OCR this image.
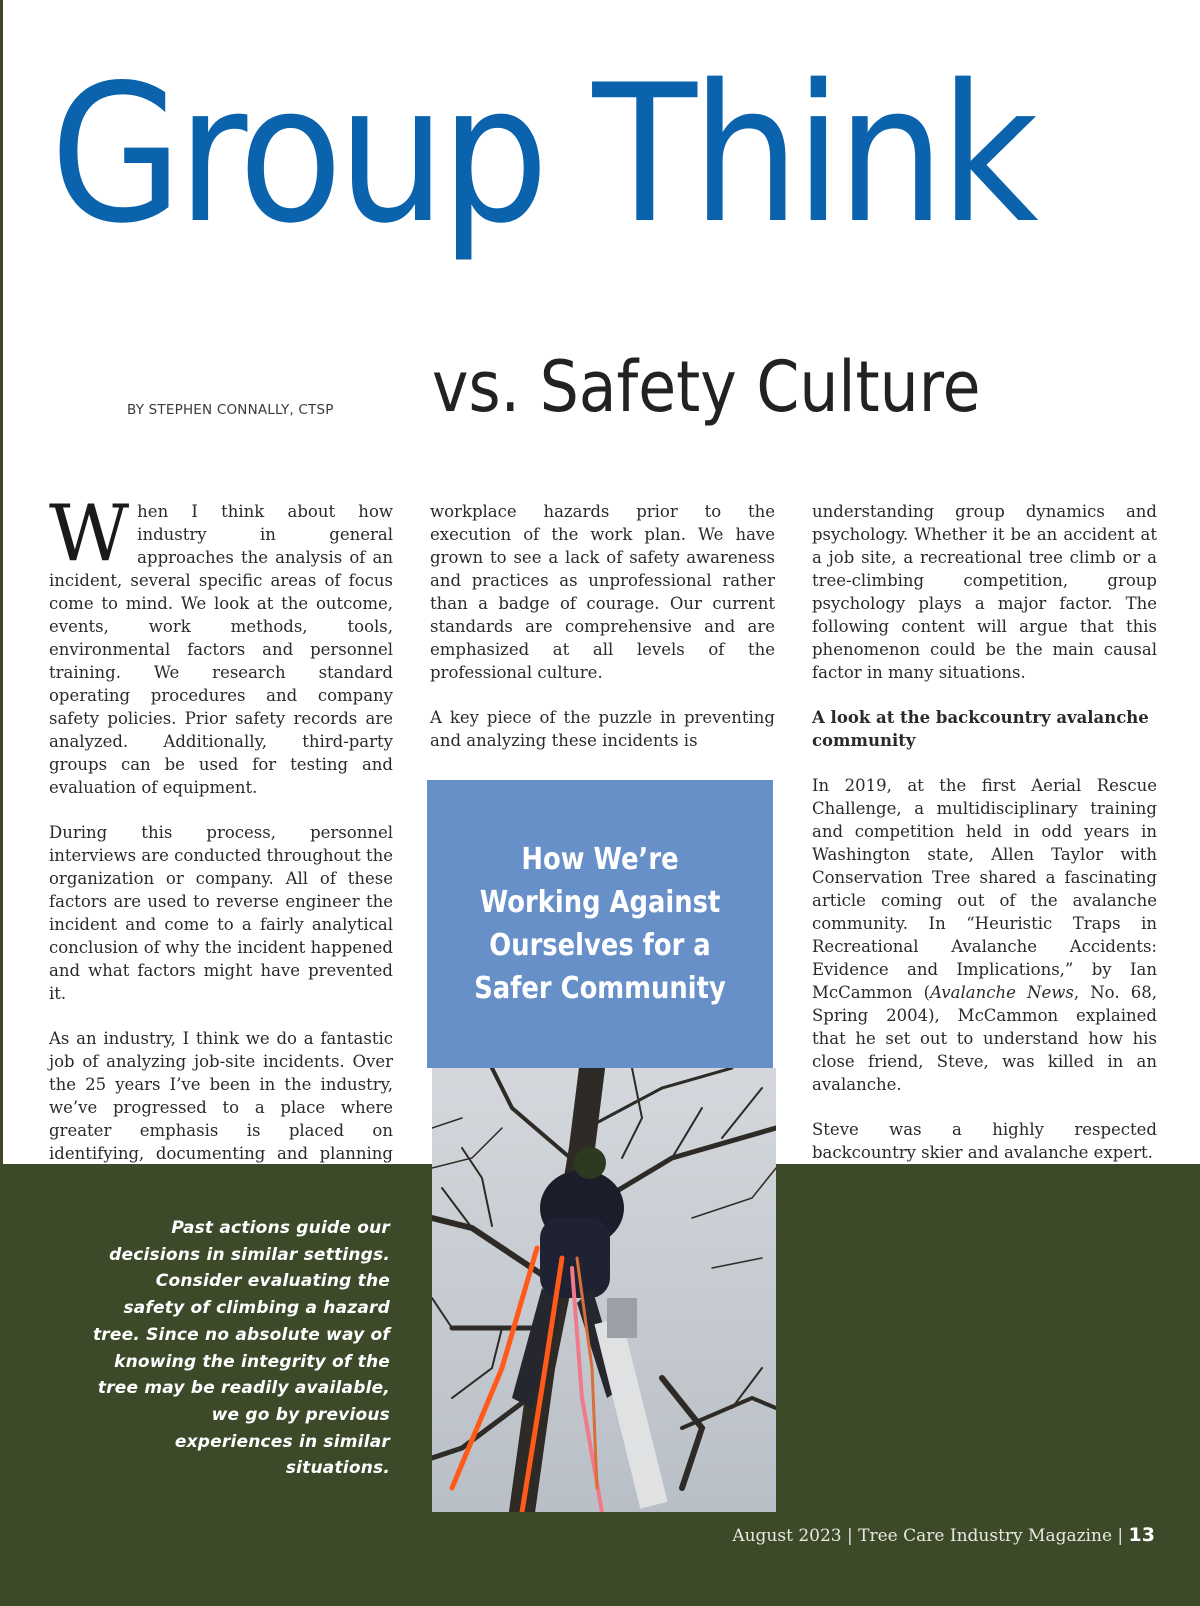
Group Think
BY STEPHEN CONNALLY, CTSP vs. Safety Culture

When I think about how industry in general approaches the analysis of an incident, several specific areas of focus come to mind. We look at the outcome, events, work methods, tools, environmental factors and personnel training. We research standard operating procedures and company safety policies. Prior safety records are analyzed. Additionally, third-party groups can be used for testing and evaluation of equipment.

During this process, personnel interviews are conducted throughout the organization or company. All of these factors are used to reverse engineer the incident and come to a fairly analytical conclusion of why the incident happened and what factors might have prevented it.

As an industry, I think we do a fantastic job of analyzing job-site incidents. Over the 25 years I’ve been in the industry, we’ve progressed to a place where greater emphasis is placed on identifying, documenting and planning

workplace hazards prior to the execution of the work plan. We have grown to see a lack of safety awareness and practices as unprofessional rather than a badge of courage. Our current standards are comprehensive and are emphasized at all levels of the professional culture.

A key piece of the puzzle in preventing and analyzing these incidents is

understanding group dynamics and psychology. Whether it be an accident at a job site, a recreational tree climb or a tree-climbing competition, group psychology plays a major factor. The following content will argue that this phenomenon could be the main causal factor in many situations.

A look at the backcountry avalanche community

In 2019, at the first Aerial Rescue Challenge, a multidisciplinary training and competition held in odd years in Washington state, Allen Taylor with Conservation Tree shared a fascinating article coming out of the avalanche community. In “Heuristic Traps in Recreational Avalanche Accidents: Evidence and Implications,” by Ian McCammon (Avalanche News, No. 68, Spring 2004), McCammon explained that he set out to understand how his close friend, Steve, was killed in an avalanche.

Steve was a highly respected backcountry skier and avalanche expert.

How We’re Working Against Ourselves for a Safer Community
Past actions guide our decisions in similar settings. Consider evaluating the safety of climbing a hazard tree. Since no absolute way of knowing the integrity of the tree may be readily available, we go by previous experiences in similar situations.
August 2023 | Tree Care Industry Magazine | 13
